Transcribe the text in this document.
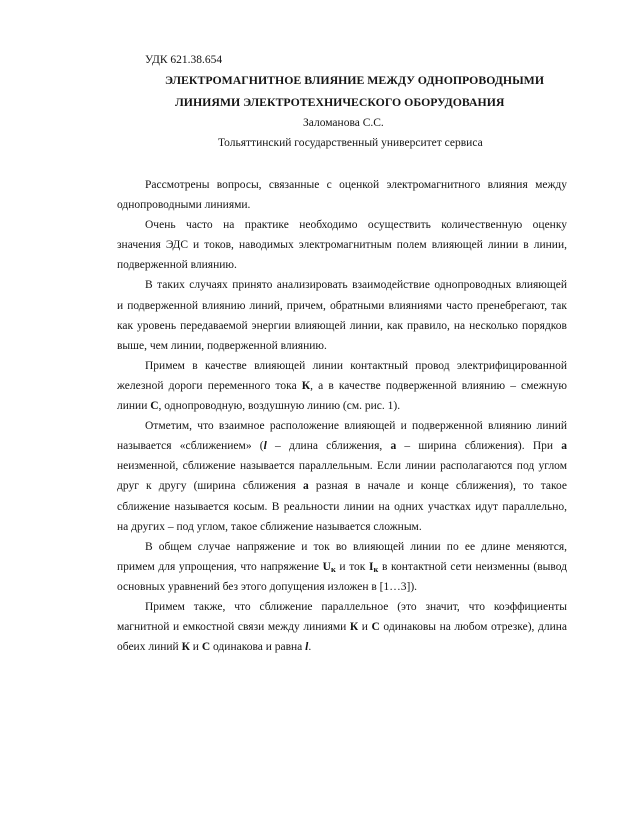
УДК 621.38.654
ЭЛЕКТРОМАГНИТНОЕ ВЛИЯНИЕ МЕЖДУ ОДНОПРОВОДНЫМИ
ЛИНИЯМИ ЭЛЕКТРОТЕХНИЧЕСКОГО ОБОРУДОВАНИЯ
Заломанова С.С.
Тольяттинский государственный университет сервиса
Рассмотрены вопросы, связанные с оценкой электромагнитного влияния между
однопроводными линиями.
Очень часто на практике необходимо осуществить количественную оценку
значения ЭДС и токов, наводимых электромагнитным полем влияющей линии в линии,
подверженной влиянию.
В таких случаях принято анализировать взаимодействие однопроводных влияющей
и подверженной влиянию линий, причем, обратными влияниями часто пренебрегают, так
как уровень передаваемой энергии влияющей линии, как правило, на несколько порядков
выше, чем линии, подверженной влиянию.
Примем в качестве влияющей линии контактный провод электрифицированной
железной дороги переменного тока К, а в качестве подверженной влиянию – смежную
линии С, однопроводную, воздушную линию (см. рис. 1).
Отметим, что взаимное расположение влияющей и подверженной влиянию линий
называется «сближением» (l – длина сближения, а – ширина сближения). При а
неизменной, сближение называется параллельным. Если линии располагаются под углом
друг к другу (ширина сближения а разная в начале и конце сближения), то такое
сближение называется косым. В реальности линии на одних участках идут параллельно,
на других – под углом, такое сближение называется сложным.
В общем случае напряжение и ток во влияющей линии по ее длине меняются,
примем для упрощения, что напряжение $U_к$ и ток $I_к$ в контактной сети неизменны (вывод
основных уравнений без этого допущения изложен в [1…3]).
Примем также, что сближение параллельное (это значит, что коэффициенты
магнитной и емкостной связи между линиями К и С одинаковы на любом отрезке), длина
обеих линий К и С одинакова и равна l.
